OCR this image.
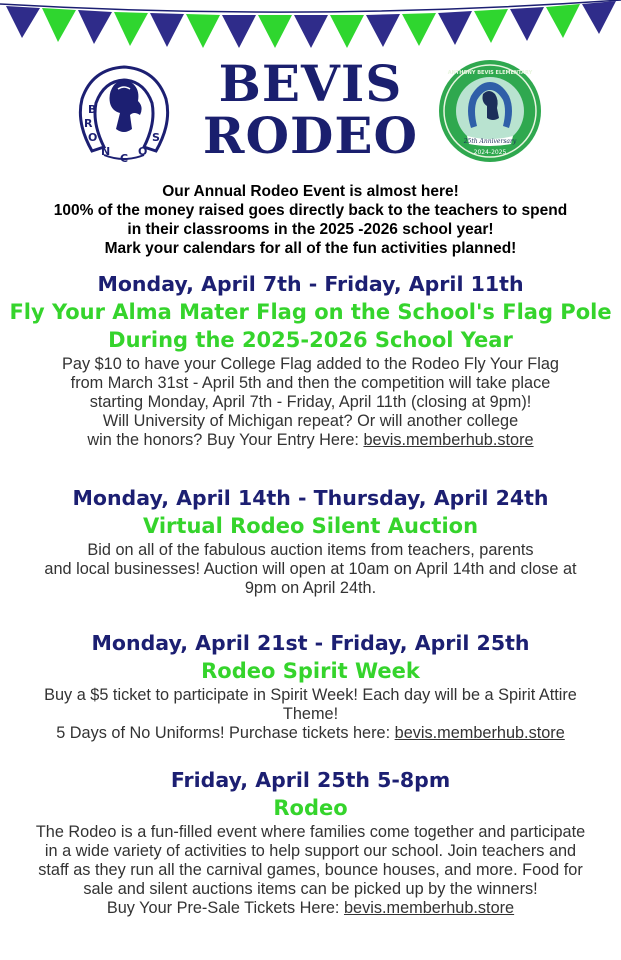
B
R
O
N
C
O
S
BEVIS
RODEO	25th Anniversary
2024-2025
ANTHONY BEVIS ELEMENTARY
Our Annual Rodeo Event is almost here!
100% of the money raised goes directly back to the teachers to spend
in their classrooms in the 2025 -2026 school year!
Mark your calendars for all of the fun activities planned!
Monday, April 7th - Friday, April 11th
Fly Your Alma Mater Flag on the School's Flag Pole
During the 2025-2026 School Year
Pay $10 to have your College Flag added to the Rodeo Fly Your Flag
from March 31st - April 5th and then the competition will take place
starting Monday, April 7th - Friday, April 11th (closing at 9pm)!
Will University of Michigan repeat? Or will another college
win the honors? Buy Your Entry Here: bevis.memberhub.store
Monday, April 14th - Thursday, April 24th
Virtual Rodeo Silent Auction
Bid on all of the fabulous auction items from teachers, parents
and local businesses! Auction will open at 10am on April 14th and close at
9pm on April 24th.
Monday, April 21st - Friday, April 25th
Rodeo Spirit Week
Buy a $5 ticket to participate in Spirit Week! Each day will be a Spirit Attire
Theme!
5 Days of No Uniforms! Purchase tickets here: bevis.memberhub.store
Friday, April 25th 5-8pm
Rodeo
The Rodeo is a fun-filled event where families come together and participate
in a wide variety of activities to help support our school. Join teachers and
staff as they run all the carnival games, bounce houses, and more. Food for
sale and silent auctions items can be picked up by the winners!
Buy Your Pre-Sale Tickets Here: bevis.memberhub.store
